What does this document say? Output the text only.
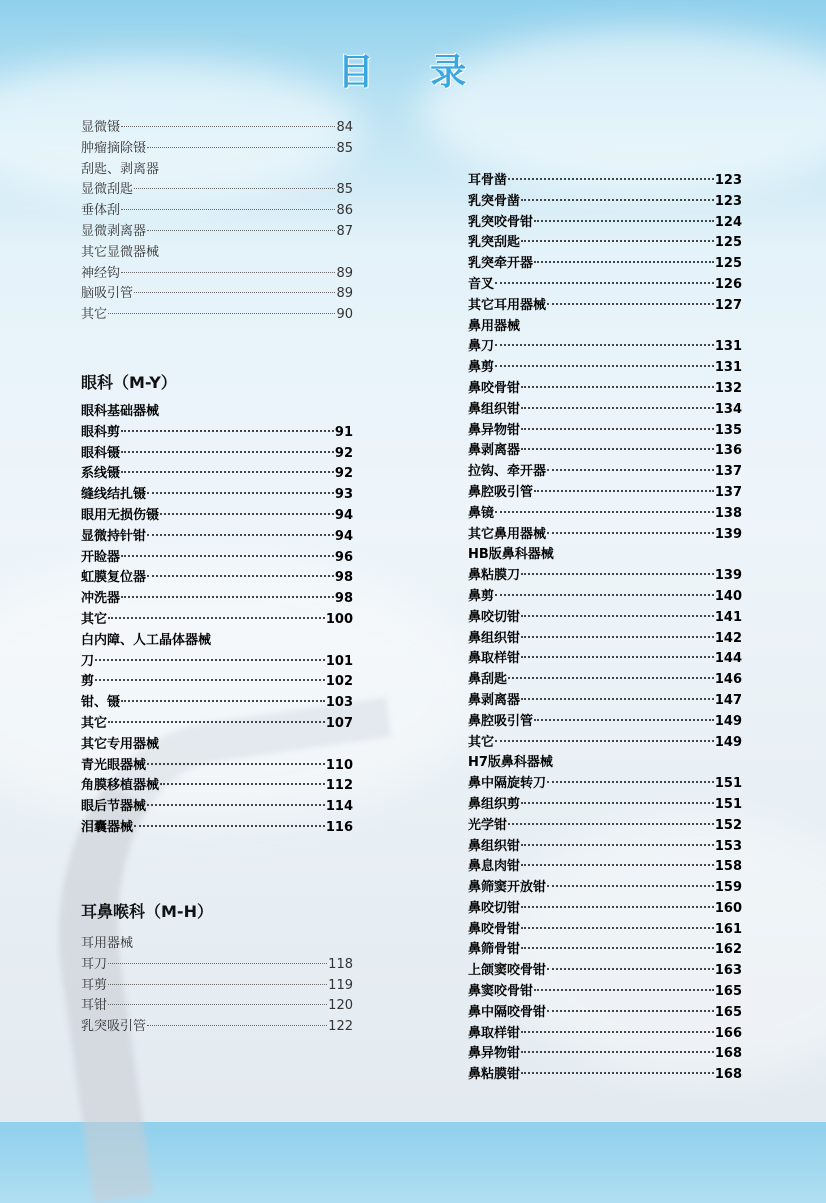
目 录
显微镊	84
肿瘤摘除镊	85
刮匙、剥离器
显微刮匙	85
垂体刮	86
显微剥离器	87
其它显微器械
神经钩	89
脑吸引管	89
其它	90
眼科（M-Y）
眼科基础器械
眼科剪	91
眼科镊	92
系线镊	92
缝线结扎镊	93
眼用无损伤镊	94
显微持针钳	94
开睑器	96
虹膜复位器	98
冲洗器	98
其它	100
白内障、人工晶体器械
刀	101
剪	102
钳、镊	103
其它	107
其它专用器械
青光眼器械	110
角膜移植器械	112
眼后节器械	114
泪囊器械	116
耳鼻喉科（M-H）
耳用器械
耳刀	118
耳剪	119
耳钳	120
乳突吸引管	122
耳骨凿	123
乳突骨凿	123
乳突咬骨钳	124
乳突刮匙	125
乳突牵开器	125
音叉	126
其它耳用器械	127
鼻用器械
鼻刀	131
鼻剪	131
鼻咬骨钳	132
鼻组织钳	134
鼻异物钳	135
鼻剥离器	136
拉钩、牵开器	137
鼻腔吸引管	137
鼻镜	138
其它鼻用器械	139
HB版鼻科器械
鼻粘膜刀	139
鼻剪	140
鼻咬切钳	141
鼻组织钳	142
鼻取样钳	144
鼻刮匙	146
鼻剥离器	147
鼻腔吸引管	149
其它	149
H7版鼻科器械
鼻中隔旋转刀	151
鼻组织剪	151
光学钳	152
鼻组织钳	153
鼻息肉钳	158
鼻筛窦开放钳	159
鼻咬切钳	160
鼻咬骨钳	161
鼻筛骨钳	162
上颌窦咬骨钳	163
鼻窦咬骨钳	165
鼻中隔咬骨钳	165
鼻取样钳	166
鼻异物钳	168
鼻粘膜钳	168
